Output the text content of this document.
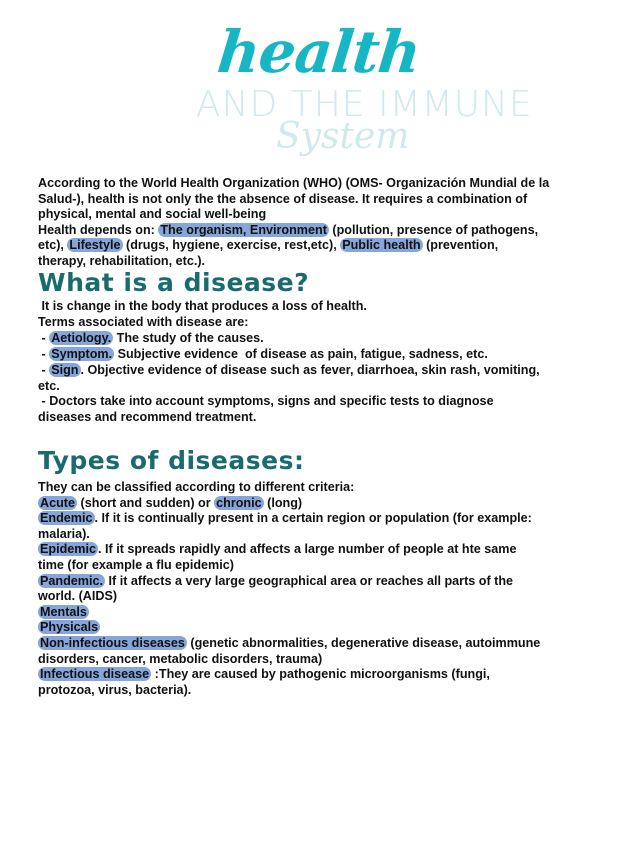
health
AND THE IMMUNE
System
What is a disease?
Types of diseases:
According to the World Health Organization (WHO) (OMS- Organización Mundial de la
Salud-), health is not only the the absence of disease. It requires a combination of
physical, mental and social well-being
Health depends on: The organism, Environment (pollution, presence of pathogens,
etc), Lifestyle (drugs, hygiene, exercise, rest,etc), Public health (prevention,
therapy, rehabilitation, etc.).
It is change in the body that produces a loss of health.
Terms associated with disease are:
- Aetiology. The study of the causes.
- Symptom. Subjective evidence  of disease as pain, fatigue, sadness, etc.
- Sign . Objective evidence of disease such as fever, diarrhoea, skin rash, vomiting,
etc.
- Doctors take into account symptoms, signs and specific tests to diagnose
diseases and recommend treatment.
They can be classified according to different criteria:
Acute (short and sudden) or chronic (long)
Endemic . If it is continually present in a certain region or population (for example:
malaria).
Epidemic . If it spreads rapidly and affects a large number of people at hte same
time (for example a flu epidemic)
Pandemic. If it affects a very large geographical area or reaches all parts of the
world. (AIDS)
Mentals
Physicals
Non-infectious diseases (genetic abnormalities, degenerative disease, autoimmune
disorders, cancer, metabolic disorders, trauma)
Infectious disease :They are caused by pathogenic microorganisms (fungi,
protozoa, virus, bacteria).
